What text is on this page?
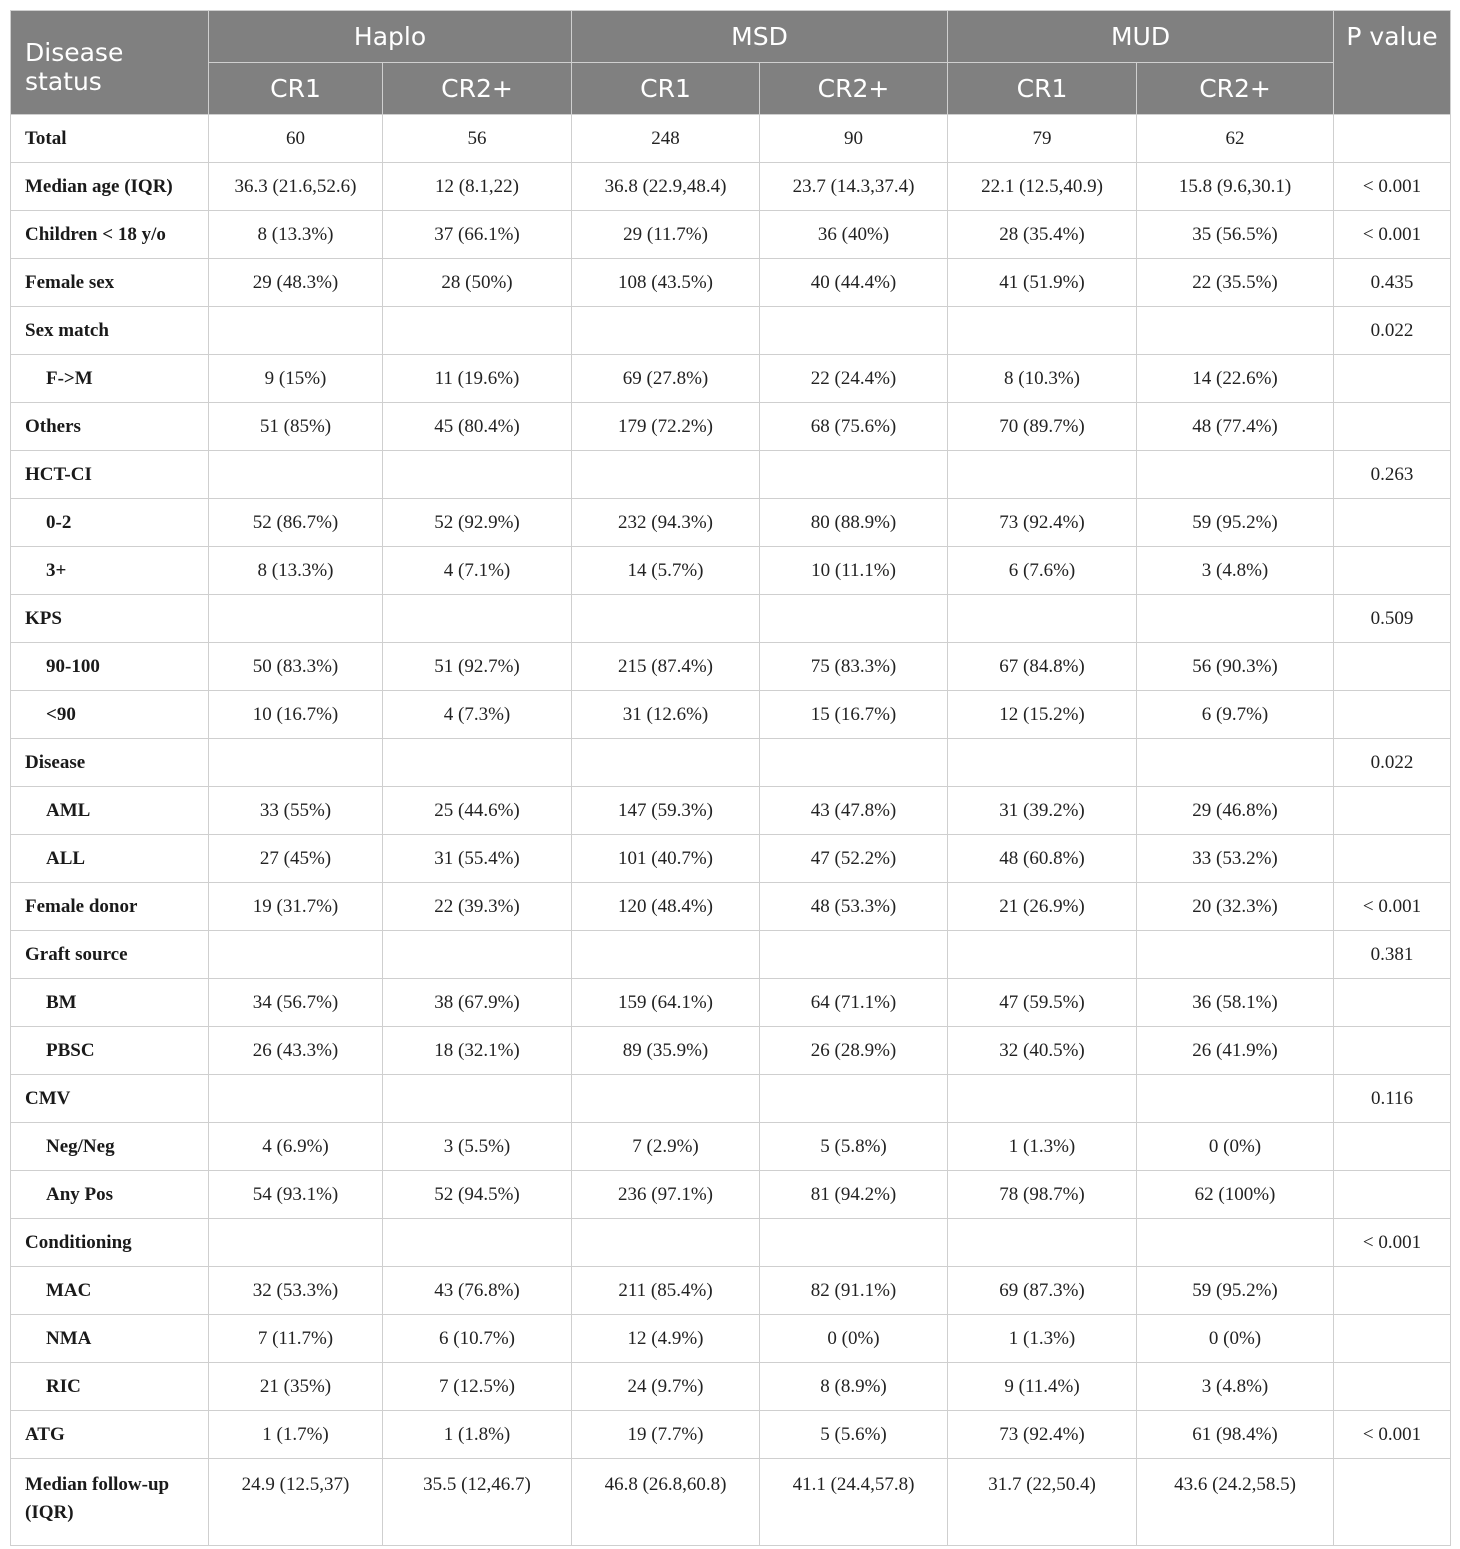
Disease status	Haplo		MSD		MUD		P value
	CR1	CR2+	CR1	CR2+	CR1	CR2+	
Total	60	56	248	90	79	62	
Median age (IQR)	36.3 (21.6,52.6)	12 (8.1,22)	36.8 (22.9,48.4)	23.7 (14.3,37.4)	22.1 (12.5,40.9)	15.8 (9.6,30.1)	< 0.001
Children < 18 y/o	8 (13.3%)	37 (66.1%)	29 (11.7%)	36 (40%)	28 (35.4%)	35 (56.5%)	< 0.001
Female sex	29 (48.3%)	28 (50%)	108 (43.5%)	40 (44.4%)	41 (51.9%)	22 (35.5%)	0.435
Sex match							0.022
F->M	9 (15%)	11 (19.6%)	69 (27.8%)	22 (24.4%)	8 (10.3%)	14 (22.6%)	
Others	51 (85%)	45 (80.4%)	179 (72.2%)	68 (75.6%)	70 (89.7%)	48 (77.4%)	
HCT-CI							0.263
0-2	52 (86.7%)	52 (92.9%)	232 (94.3%)	80 (88.9%)	73 (92.4%)	59 (95.2%)	
3+	8 (13.3%)	4 (7.1%)	14 (5.7%)	10 (11.1%)	6 (7.6%)	3 (4.8%)	
KPS							0.509
90-100	50 (83.3%)	51 (92.7%)	215 (87.4%)	75 (83.3%)	67 (84.8%)	56 (90.3%)	
<90	10 (16.7%)	4 (7.3%)	31 (12.6%)	15 (16.7%)	12 (15.2%)	6 (9.7%)	
Disease							0.022
AML	33 (55%)	25 (44.6%)	147 (59.3%)	43 (47.8%)	31 (39.2%)	29 (46.8%)	
ALL	27 (45%)	31 (55.4%)	101 (40.7%)	47 (52.2%)	48 (60.8%)	33 (53.2%)	
Female donor	19 (31.7%)	22 (39.3%)	120 (48.4%)	48 (53.3%)	21 (26.9%)	20 (32.3%)	< 0.001
Graft source							0.381
BM	34 (56.7%)	38 (67.9%)	159 (64.1%)	64 (71.1%)	47 (59.5%)	36 (58.1%)	
PBSC	26 (43.3%)	18 (32.1%)	89 (35.9%)	26 (28.9%)	32 (40.5%)	26 (41.9%)	
CMV							0.116
Neg/Neg	4 (6.9%)	3 (5.5%)	7 (2.9%)	5 (5.8%)	1 (1.3%)	0 (0%)	
Any Pos	54 (93.1%)	52 (94.5%)	236 (97.1%)	81 (94.2%)	78 (98.7%)	62 (100%)	
Conditioning							< 0.001
MAC	32 (53.3%)	43 (76.8%)	211 (85.4%)	82 (91.1%)	69 (87.3%)	59 (95.2%)	
NMA	7 (11.7%)	6 (10.7%)	12 (4.9%)	0 (0%)	1 (1.3%)	0 (0%)	
RIC	21 (35%)	7 (12.5%)	24 (9.7%)	8 (8.9%)	9 (11.4%)	3 (4.8%)	
ATG	1 (1.7%)	1 (1.8%)	19 (7.7%)	5 (5.6%)	73 (92.4%)	61 (98.4%)	< 0.001
Median follow-up (IQR)	24.9 (12.5,37)	35.5 (12,46.7)	46.8 (26.8,60.8)	41.1 (24.4,57.8)	31.7 (22,50.4)	43.6 (24.2,58.5)	
